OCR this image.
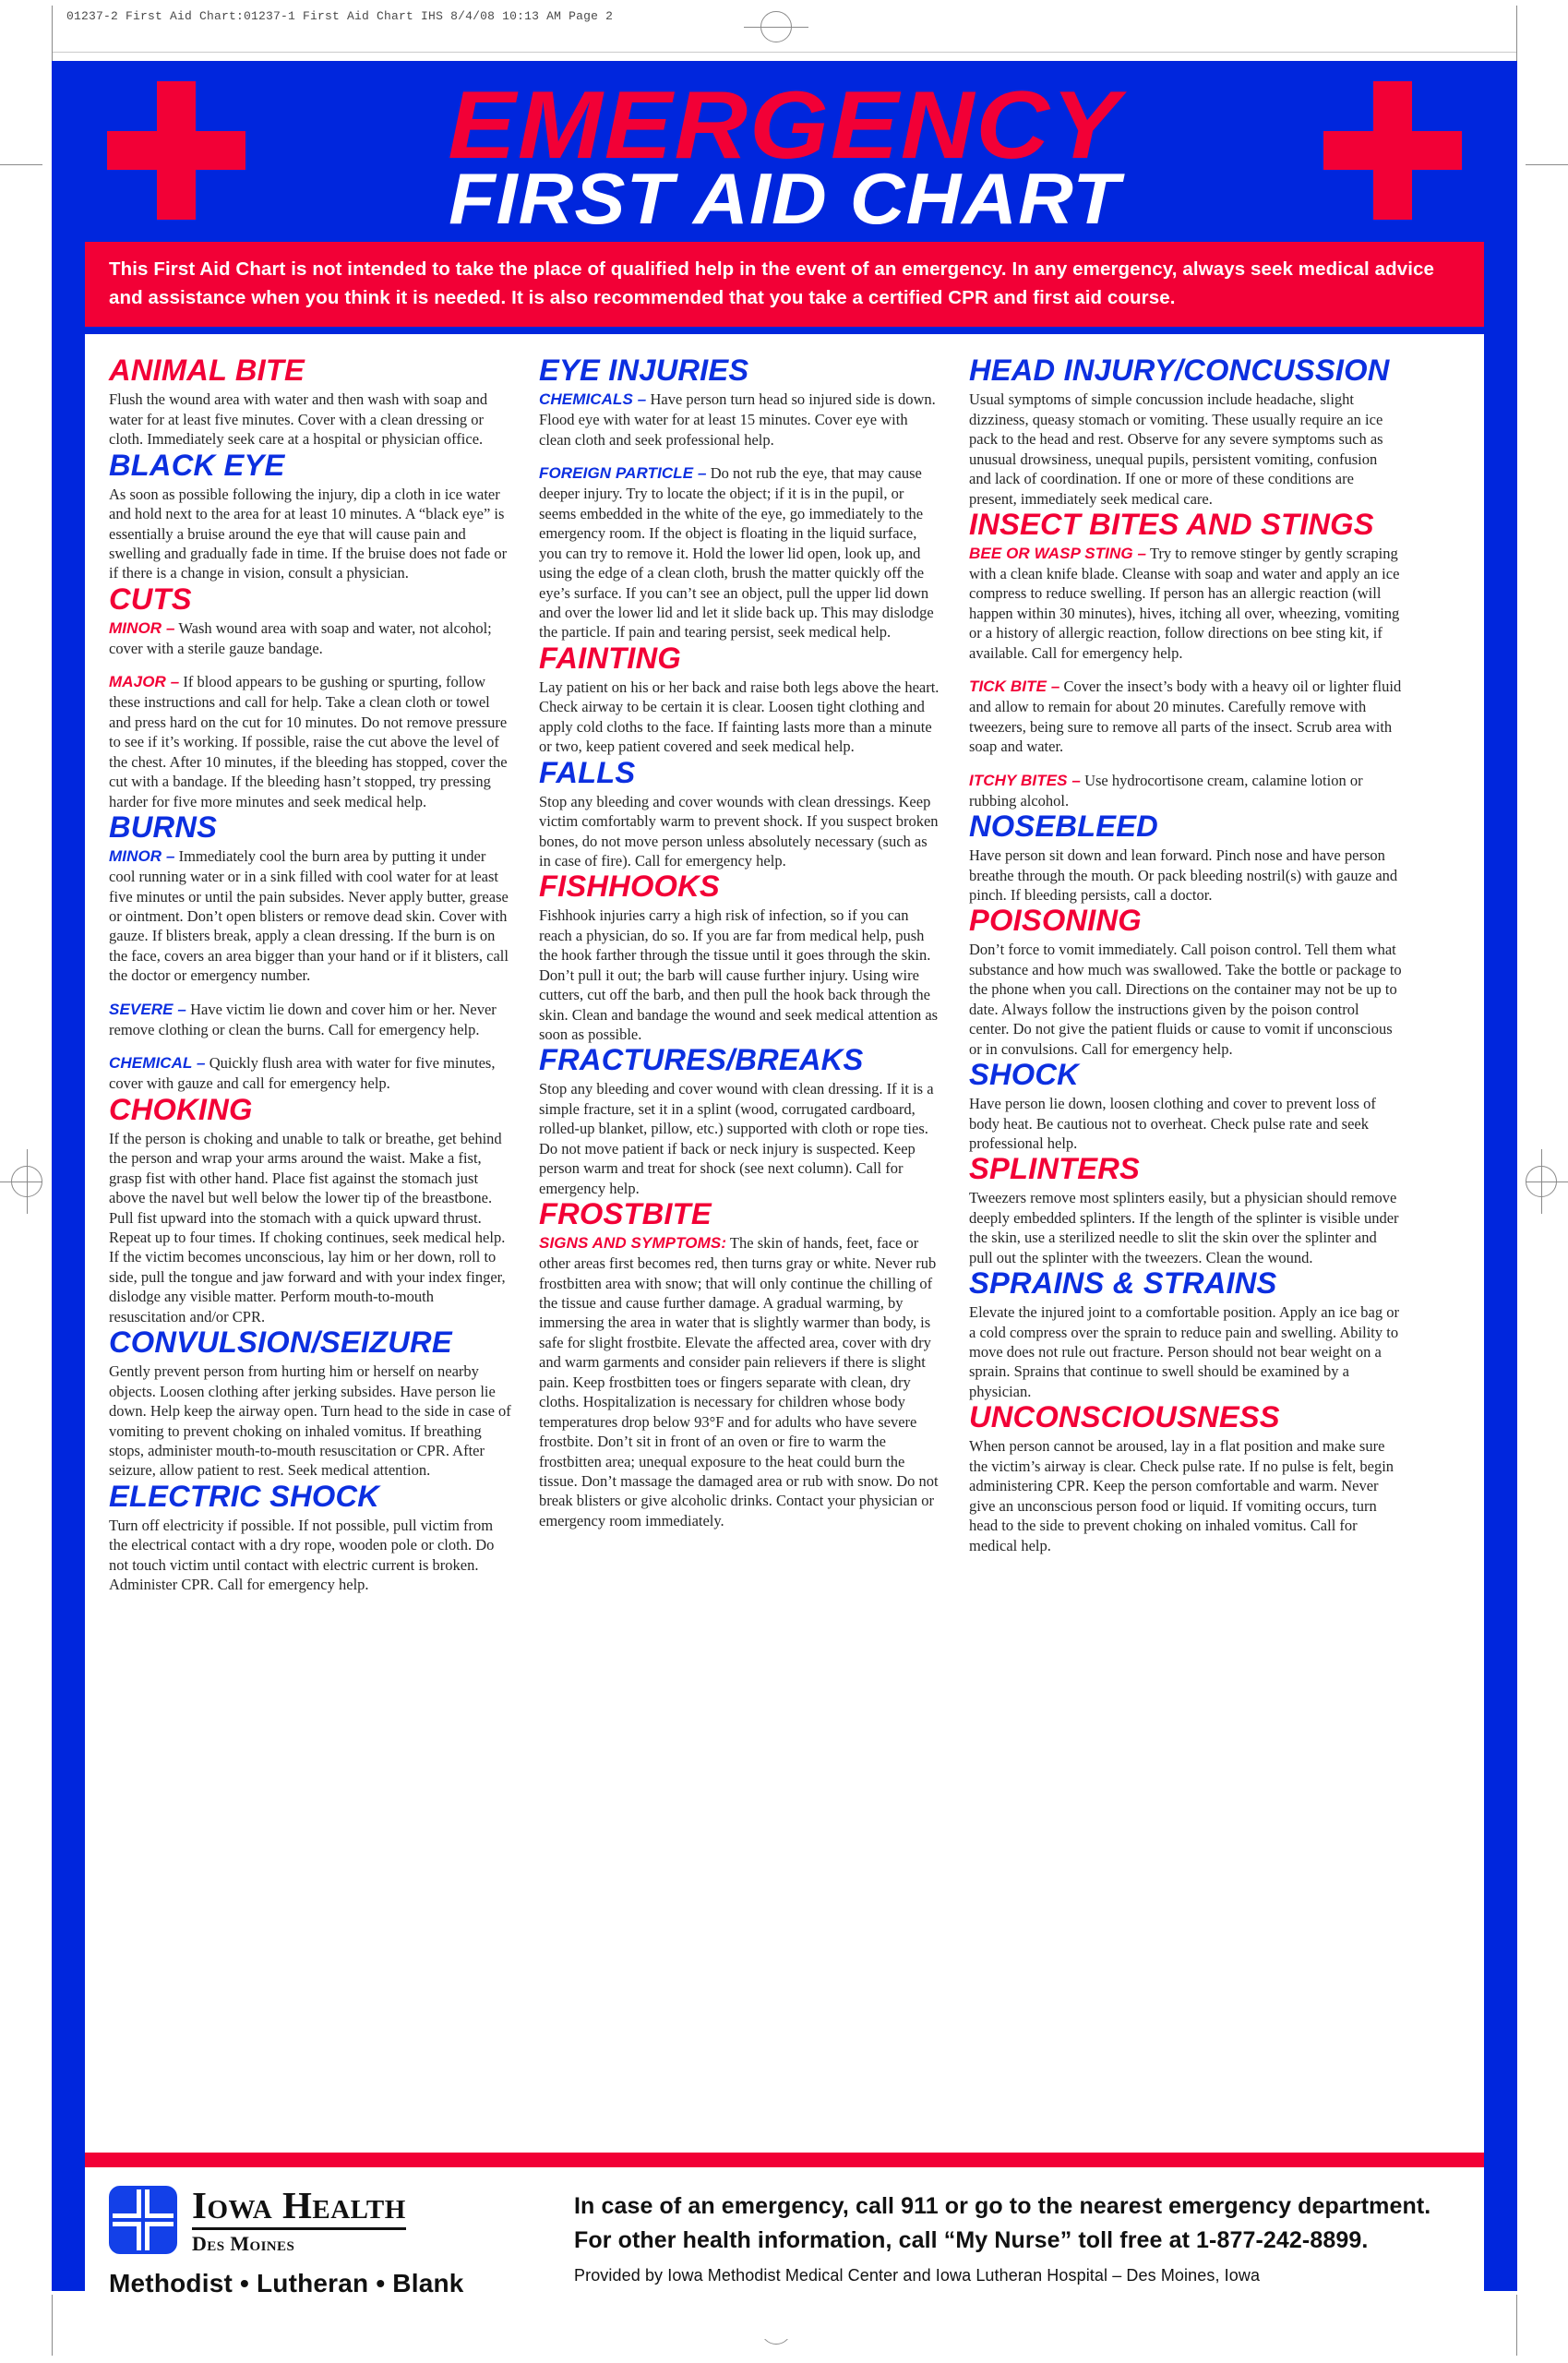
01237-2 First Aid Chart:01237-1 First Aid Chart IHS 8/4/08 10:13 AM Page 2
EMERGENCY
FIRST AID CHART
This First Aid Chart is not intended to take the place of qualified help in the event of an emergency. In any emergency, always seek medical advice and assistance when you think it is needed. It is also recommended that you take a certified CPR and first aid course.
ANIMAL BITE

Flush the wound area with water and then wash with soap and water for at least five minutes. Cover with a clean dressing or cloth. Immediately seek care at a hospital or physician office.

BLACK EYE

As soon as possible following the injury, dip a cloth in ice water and hold next to the area for at least 10 minutes. A “black eye” is essentially a bruise around the eye that will cause pain and swelling and gradually fade in time. If the bruise does not fade or if there is a change in vision, consult a physician.

CUTS

MINOR – Wash wound area with soap and water, not alcohol; cover with a sterile gauze bandage.

MAJOR – If blood appears to be gushing or spurting, follow these instructions and call for help. Take a clean cloth or towel and press hard on the cut for 10 minutes. Do not remove pressure to see if it’s working. If possible, raise the cut above the level of the chest. After 10 minutes, if the bleeding has stopped, cover the cut with a bandage. If the bleeding hasn’t stopped, try pressing harder for five more minutes and seek medical help.

BURNS

MINOR – Immediately cool the burn area by putting it under cool running water or in a sink filled with cool water for at least five minutes or until the pain subsides. Never apply butter, grease or ointment. Don’t open blisters or remove dead skin. Cover with gauze. If blisters break, apply a clean dressing. If the burn is on the face, covers an area bigger than your hand or if it blisters, call the doctor or emergency number.

SEVERE – Have victim lie down and cover him or her. Never remove clothing or clean the burns. Call for emergency help.

CHEMICAL – Quickly flush area with water for five minutes, cover with gauze and call for emergency help.

CHOKING

If the person is choking and unable to talk or breathe, get behind the person and wrap your arms around the waist. Make a fist, grasp fist with other hand. Place fist against the stomach just above the navel but well below the lower tip of the breastbone. Pull fist upward into the stomach with a quick upward thrust. Repeat up to four times. If choking continues, seek medical help. If the victim becomes unconscious, lay him or her down, roll to side, pull the tongue and jaw forward and with your index finger, dislodge any visible matter. Perform mouth-to-mouth resuscitation and/or CPR.

CONVULSION/SEIZURE

Gently prevent person from hurting him or herself on nearby objects. Loosen clothing after jerking subsides. Have person lie down. Help keep the airway open. Turn head to the side in case of vomiting to prevent choking on inhaled vomitus. If breathing stops, administer mouth-to-mouth resuscitation or CPR. After seizure, allow patient to rest. Seek medical attention.

ELECTRIC SHOCK

Turn off electricity if possible. If not possible, pull victim from the electrical contact with a dry rope, wooden pole or cloth. Do not touch victim until contact with electric current is broken. Administer CPR. Call for emergency help.

EYE INJURIES

CHEMICALS – Have person turn head so injured side is down. Flood eye with water for at least 15 minutes. Cover eye with clean cloth and seek professional help.

FOREIGN PARTICLE – Do not rub the eye, that may cause deeper injury. Try to locate the object; if it is in the pupil, or seems embedded in the white of the eye, go immediately to the emergency room. If the object is floating in the liquid surface, you can try to remove it. Hold the lower lid open, look up, and using the edge of a clean cloth, brush the matter quickly off the eye’s surface. If you can’t see an object, pull the upper lid down and over the lower lid and let it slide back up. This may dislodge the particle. If pain and tearing persist, seek medical help.

FAINTING

Lay patient on his or her back and raise both legs above the heart. Check airway to be certain it is clear. Loosen tight clothing and apply cold cloths to the face. If fainting lasts more than a minute or two, keep patient covered and seek medical help.

FALLS

Stop any bleeding and cover wounds with clean dressings. Keep victim comfortably warm to prevent shock. If you suspect broken bones, do not move person unless absolutely necessary (such as in case of fire). Call for emergency help.

FISHHOOKS

Fishhook injuries carry a high risk of infection, so if you can reach a physician, do so. If you are far from medical help, push the hook farther through the tissue until it goes through the skin. Don’t pull it out; the barb will cause further injury. Using wire cutters, cut off the barb, and then pull the hook back through the skin. Clean and bandage the wound and seek medical attention as soon as possible.

FRACTURES/BREAKS

Stop any bleeding and cover wound with clean dressing. If it is a simple fracture, set it in a splint (wood, corrugated cardboard, rolled-up blanket, pillow, etc.) supported with cloth or rope ties. Do not move patient if back or neck injury is suspected. Keep person warm and treat for shock (see next column). Call for emergency help.

FROSTBITE

SIGNS AND SYMPTOMS: The skin of hands, feet, face or other areas first becomes red, then turns gray or white. Never rub frostbitten area with snow; that will only continue the chilling of the tissue and cause further damage. A gradual warming, by immersing the area in water that is slightly warmer than body, is safe for slight frostbite. Elevate the affected area, cover with dry and warm garments and consider pain relievers if there is slight pain. Keep frostbitten toes or fingers separate with clean, dry cloths. Hospitalization is necessary for children whose body temperatures drop below 93°F and for adults who have severe frostbite. Don’t sit in front of an oven or fire to warm the frostbitten area; unequal exposure to the heat could burn the tissue. Don’t massage the damaged area or rub with snow. Do not break blisters or give alcoholic drinks. Contact your physician or emergency room immediately.

HEAD INJURY/CONCUSSION

Usual symptoms of simple concussion include headache, slight dizziness, queasy stomach or vomiting. These usually require an ice pack to the head and rest. Observe for any severe symptoms such as unusual drowsiness, unequal pupils, persistent vomiting, confusion and lack of coordination. If one or more of these conditions are present, immediately seek medical care.

INSECT BITES AND STINGS

BEE OR WASP STING – Try to remove stinger by gently scraping with a clean knife blade. Cleanse with soap and water and apply an ice compress to reduce swelling. If person has an allergic reaction (will happen within 30 minutes), hives, itching all over, wheezing, vomiting or a history of allergic reaction, follow directions on bee sting kit, if available. Call for emergency help.

TICK BITE – Cover the insect’s body with a heavy oil or lighter fluid and allow to remain for about 20 minutes. Carefully remove with tweezers, being sure to remove all parts of the insect. Scrub area with soap and water.

ITCHY BITES – Use hydrocortisone cream, calamine lotion or rubbing alcohol.

NOSEBLEED

Have person sit down and lean forward. Pinch nose and have person breathe through the mouth. Or pack bleeding nostril(s) with gauze and pinch. If bleeding persists, call a doctor.

POISONING

Don’t force to vomit immediately. Call poison control. Tell them what substance and how much was swallowed. Take the bottle or package to the phone when you call. Directions on the container may not be up to date. Always follow the instructions given by the poison control center. Do not give the patient fluids or cause to vomit if unconscious or in convulsions. Call for emergency help.

SHOCK

Have person lie down, loosen clothing and cover to prevent loss of body heat. Be cautious not to overheat. Check pulse rate and seek professional help.

SPLINTERS

Tweezers remove most splinters easily, but a physician should remove deeply embedded splinters. If the length of the splinter is visible under the skin, use a sterilized needle to slit the skin over the splinter and pull out the splinter with the tweezers. Clean the wound.

SPRAINS & STRAINS

Elevate the injured joint to a comfortable position. Apply an ice bag or a cold compress over the sprain to reduce pain and swelling. Ability to move does not rule out fracture. Person should not bear weight on a sprain. Sprains that continue to swell should be examined by a physician.

UNCONSCIOUSNESS

When person cannot be aroused, lay in a flat position and make sure the victim’s airway is clear. Check pulse rate. If no pulse is felt, begin administering CPR. Keep the person comfortable and warm. Never give an unconscious person food or liquid. If vomiting occurs, turn head to the side to prevent choking on inhaled vomitus. Call for medical help.

Iowa Health
Des Moines
Methodist • Lutheran • Blank
In case of an emergency, call 911 or go to the nearest emergency department.
For other health information, call “My Nurse” toll free at 1-877-242-8899.
Provided by Iowa Methodist Medical Center and Iowa Lutheran Hospital – Des Moines, Iowa
